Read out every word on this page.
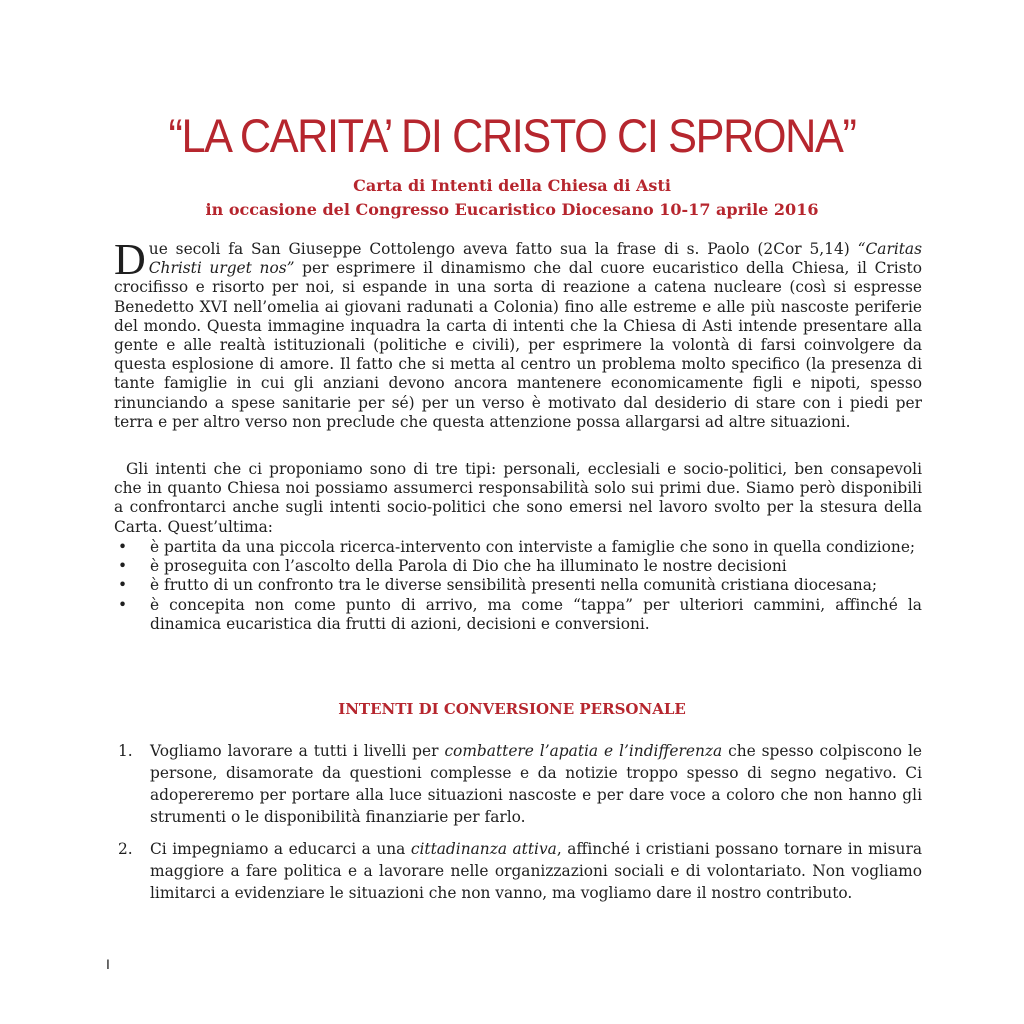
“LA CARITA’ DI CRISTO CI SPRONA”
Carta di Intenti della Chiesa di Asti
in occasione del Congresso Eucaristico Diocesano 10-17 aprile 2016

Due secoli fa San Giuseppe Cottolengo aveva fatto sua la frase di s. Paolo (2Cor 5,14) “Caritas Christi urget nos” per esprimere il dinamismo che dal cuore eucaristico della Chiesa, il Cristo crocifisso e risorto per noi, si espande in una sorta di reazione a catena nucleare (così si espresse Benedetto XVI nell’omelia ai giovani radunati a Colonia) fino alle estreme e alle più nascoste periferie del mondo. Questa immagine inquadra la carta di intenti che la Chiesa di Asti intende presentare alla gente e alle realtà istituzionali (politiche e civili), per esprimere la volontà di farsi coinvolgere da questa esplosione di amore. Il fatto che si metta al centro un problema molto specifico (la presenza di tante famiglie in cui gli anziani devono ancora mantenere economicamente figli e nipoti, spesso rinunciando a spese sanitarie per sé) per un verso è motivato dal desiderio di stare con i piedi per terra e per altro verso non preclude che questa attenzione possa allargarsi ad altre situazioni.

Gli intenti che ci proponiamo sono di tre tipi: personali, ecclesiali e socio-politici, ben consapevoli che in quanto Chiesa noi possiamo assumerci responsabilità solo sui primi due. Siamo però disponibili a confrontarci anche sugli intenti socio-politici che sono emersi nel lavoro svolto per la stesura della Carta. Quest’ultima:

• è partita da una piccola ricerca-intervento con interviste a famiglie che sono in quella condizione;
• è proseguita con l’ascolto della Parola di Dio che ha illuminato le nostre decisioni
• è frutto di un confronto tra le diverse sensibilità presenti nella comunità cristiana diocesana;
• è concepita non come punto di arrivo, ma come “tappa” per ulteriori cammini, affinché la dinamica eucaristica dia frutti di azioni, decisioni e conversioni.
INTENTI DI CONVERSIONE PERSONALE
1. Vogliamo lavorare a tutti i livelli per combattere l’apatia e l’indifferenza che spesso colpiscono le persone, disamorate da questioni complesse e da notizie troppo spesso di segno negativo. Ci adopereremo per portare alla luce situazioni nascoste e per dare voce a coloro che non hanno gli strumenti o le disponibilità finanziarie per farlo.
2. Ci impegniamo a educarci a una cittadinanza attiva, affinché i cristiani possano tornare in misura maggiore a fare politica e a lavorare nelle organizzazioni sociali e di volontariato. Non vogliamo limitarci a evidenziare le situazioni che non vanno, ma vogliamo dare il nostro contributo.
I
